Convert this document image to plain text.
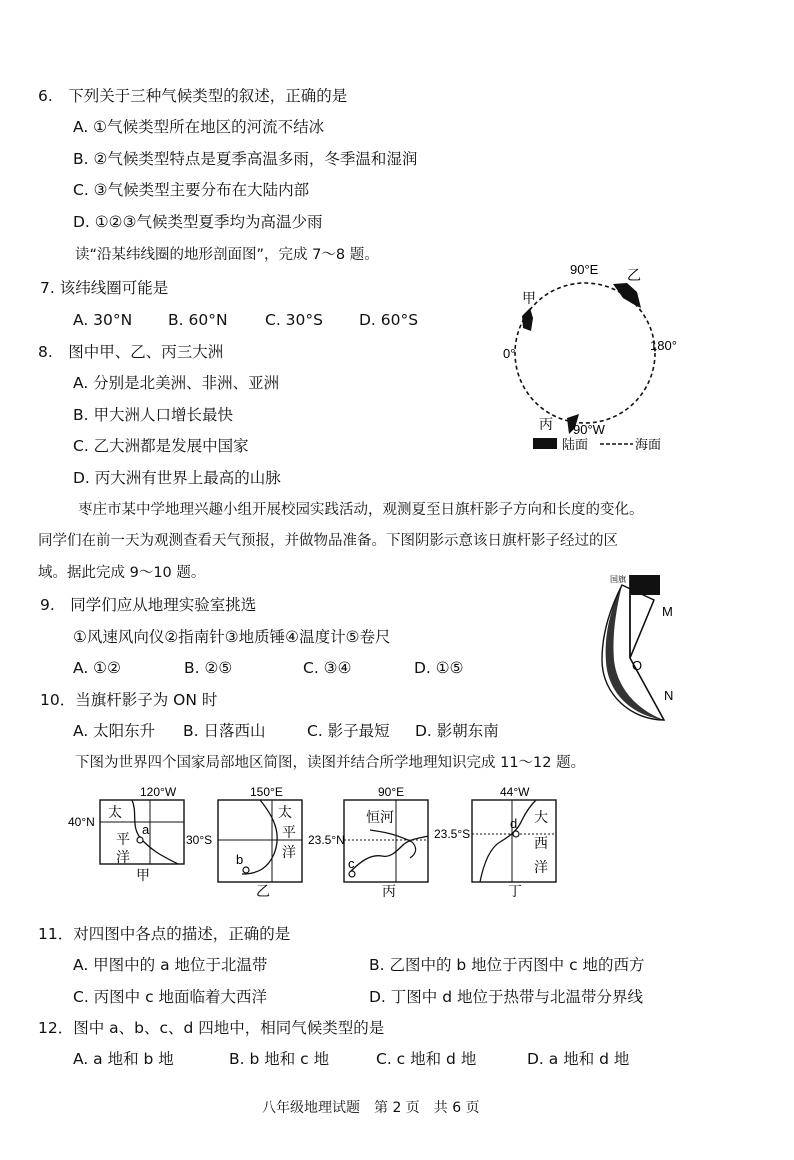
6.　下列关于三种气候类型的叙述，正确的是
A. ①气候类型所在地区的河流不结冰
B. ②气候类型特点是夏季高温多雨，冬季温和湿润
C. ③气候类型主要分布在大陆内部
D. ①②③气候类型夏季均为高温少雨
读“沿某纬线圈的地形剖面图”，完成 7～8 题。
7. 该纬线圈可能是
A. 30°N B. 60°N C. 30°S D. 60°S
8.　图中甲、乙、丙三大洲
A. 分别是北美洲、非洲、亚洲
B. 甲大洲人口增长最快
C. 乙大洲都是发展中国家
D. 丙大洲有世界上最高的山脉
90°E
180°
0°
90°W
甲
乙
丙
陆面	海面
枣庄市某中学地理兴趣小组开展校园实践活动，观测夏至日旗杆影子方向和长度的变化。
同学们在前一天为观测查看天气预报，并做物品准备。下图阴影示意该日旗杆影子经过的区
域。据此完成 9～10 题。
9.　同学们应从地理实验室挑选
①风速风向仪②指南针③地质锤④温度计⑤卷尺
A. ①②	B. ②⑤	C. ③④	D. ①⑤
10．当旗杆影子为 ON 时
A. 太阳东升 B. 日落西山	C. 影子最短 D. 影朝东南
国旗
M
O
N
下图为世界四个国家局部地区简图，读图并结合所学地理知识完成 11～12 题。
120°W
40°N
太
平
洋
a
甲
150°E
30°S
太
平
洋
b
乙
90°E
23.5°N
恒河
c
丙
44°W
23.5°S
大
西
洋
d
丁
11．对四图中各点的描述，正确的是
A. 甲图中的 a 地位于北温带	B. 乙图中的 b 地位于丙图中 c 地的西方
C. 丙图中 c 地面临着大西洋	D. 丁图中 d 地位于热带与北温带分界线
12．图中 a、b、c、d 四地中，相同气候类型的是
A. a 地和 b 地	B. b 地和 c 地	C. c 地和 d 地	D. a 地和 d 地
八年级地理试题　第 2 页　共 6 页
